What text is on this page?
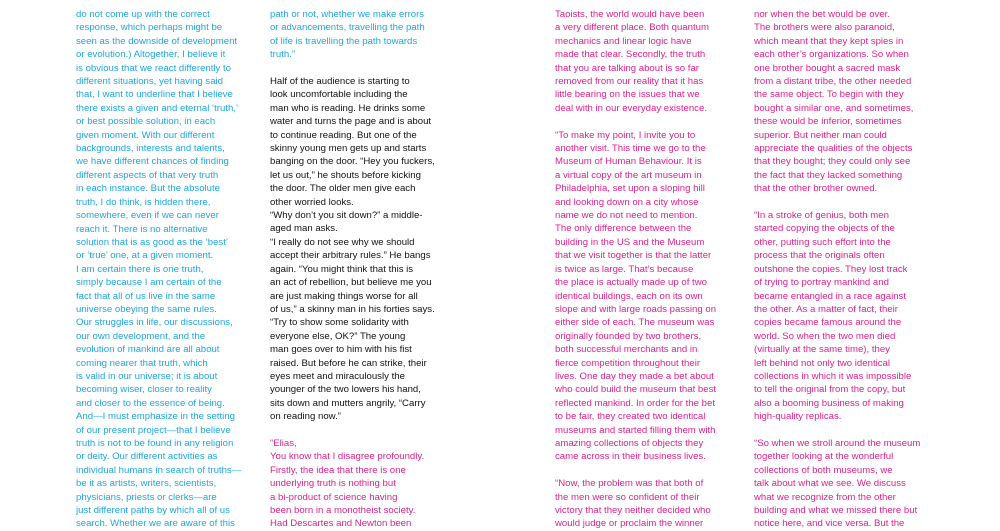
do not come up with the correct

response, which perhaps might be

seen as the downside of development

or evolution.) Altogether, I believe it

is obvious that we react differently to

different situations, yet having said

that, I want to underline that I believe

there exists a given and eternal ‘truth,’

or best possible solution, in each

given moment. With our different

backgrounds, interests and talents,

we have different chances of finding

different aspects of that very truth

in each instance. But the absolute

truth, I do think, is hidden there,

somewhere, even if we can never

reach it. There is no alternative

solution that is as good as the ‘best’

or ‘true’ one, at a given moment.

I am certain there is one truth,

simply because I am certain of the

fact that all of us live in the same

universe obeying the same rules.

Our struggles in life, our discussions,

our own development, and the

evolution of mankind are all about

coming nearer that truth, which

is valid in our universe; it is about

becoming wiser, closer to reality

and closer to the essence of being.

And—I must emphasize in the setting

of our present project—that I believe

truth is not to be found in any religion

or deity. Our different activities as

individual humans in search of truths—

be it as artists, writers, scientists,

physicians, priests or clerks—are

just different paths by which all of us

search. Whether we are aware of this

path or not, whether we make errors

or advancements, travelling the path

of life is travelling the path towards

truth.”

Half of the audience is starting to

look uncomfortable including the

man who is reading. He drinks some

water and turns the page and is about

to continue reading. But one of the

skinny young men gets up and starts

banging on the door. “Hey you fuckers,

let us out,” he shouts before kicking

the door. The older men give each

other worried looks.

“Why don’t you sit down?” a middle-

aged man asks.

“I really do not see why we should

accept their arbitrary rules.” He bangs

again. “You might think that this is

an act of rebellion, but believe me you

are just making things worse for all

of us,” a skinny man in his forties says.

“Try to show some solidarity with

everyone else, OK?” The young

man goes over to him with his fist

raised. But before he can strike, their

eyes meet and miraculously the

younger of the two lowers his hand,

sits down and mutters angrily, “Carry

on reading now.”

“Elias,

You know that I disagree profoundly.

Firstly, the idea that there is one

underlying truth is nothing but

a bi-product of science having

been born in a monotheist society.

Had Descartes and Newton been

Taoists, the world would have been

a very different place. Both quantum

mechanics and linear logic have

made that clear. Secondly, the truth

that you are talking about is so far

removed from our reality that it has

little bearing on the issues that we

deal with in our everyday existence.

“To make my point, I invite you to

another visit. This time we go to the

Museum of Human Behaviour. It is

a virtual copy of the art museum in

Philadelphia, set upon a sloping hill

and looking down on a city whose

name we do not need to mention.

The only difference between the

building in the US and the Museum

that we visit together is that the latter

is twice as large. That’s because

the place is actually made up of two

identical buildings, each on its own

slope and with large roads passing on

either side of each. The museum was

originally founded by two brothers,

both successful merchants and in

fierce competition throughout their

lives. One day they made a bet about

who could build the museum that best

reflected mankind. In order for the bet

to be fair, they created two identical

museums and started filling them with

amazing collections of objects they

came across in their business lives.

“Now, the problem was that both of

the men were so confident of their

victory that they neither decided who

would judge or proclaim the winner

nor when the bet would be over.

The brothers were also paranoid,

which meant that they kept spies in

each other’s organizations. So when

one brother bought a sacred mask

from a distant tribe, the other needed

the same object. To begin with they

bought a similar one, and sometimes,

these would be inferior, sometimes

superior. But neither man could

appreciate the qualities of the objects

that they bought; they could only see

the fact that they lacked something

that the other brother owned.

“In a stroke of genius, both men

started copying the objects of the

other, putting such effort into the

process that the originals often

outshone the copies. They lost track

of trying to portray mankind and

became entangled in a race against

the other. As a matter of fact, their

copies became famous around the

world. So when the two men died

(virtually at the same time), they

left behind not only two identical

collections in which it was impossible

to tell the original from the copy, but

also a booming business of making

high-quality replicas.

“So when we stroll around the museum

together looking at the wonderful

collections of both museums, we

talk about what we see. We discuss

what we recognize from the other

building and what we missed there but

notice here, and vice versa. But the
